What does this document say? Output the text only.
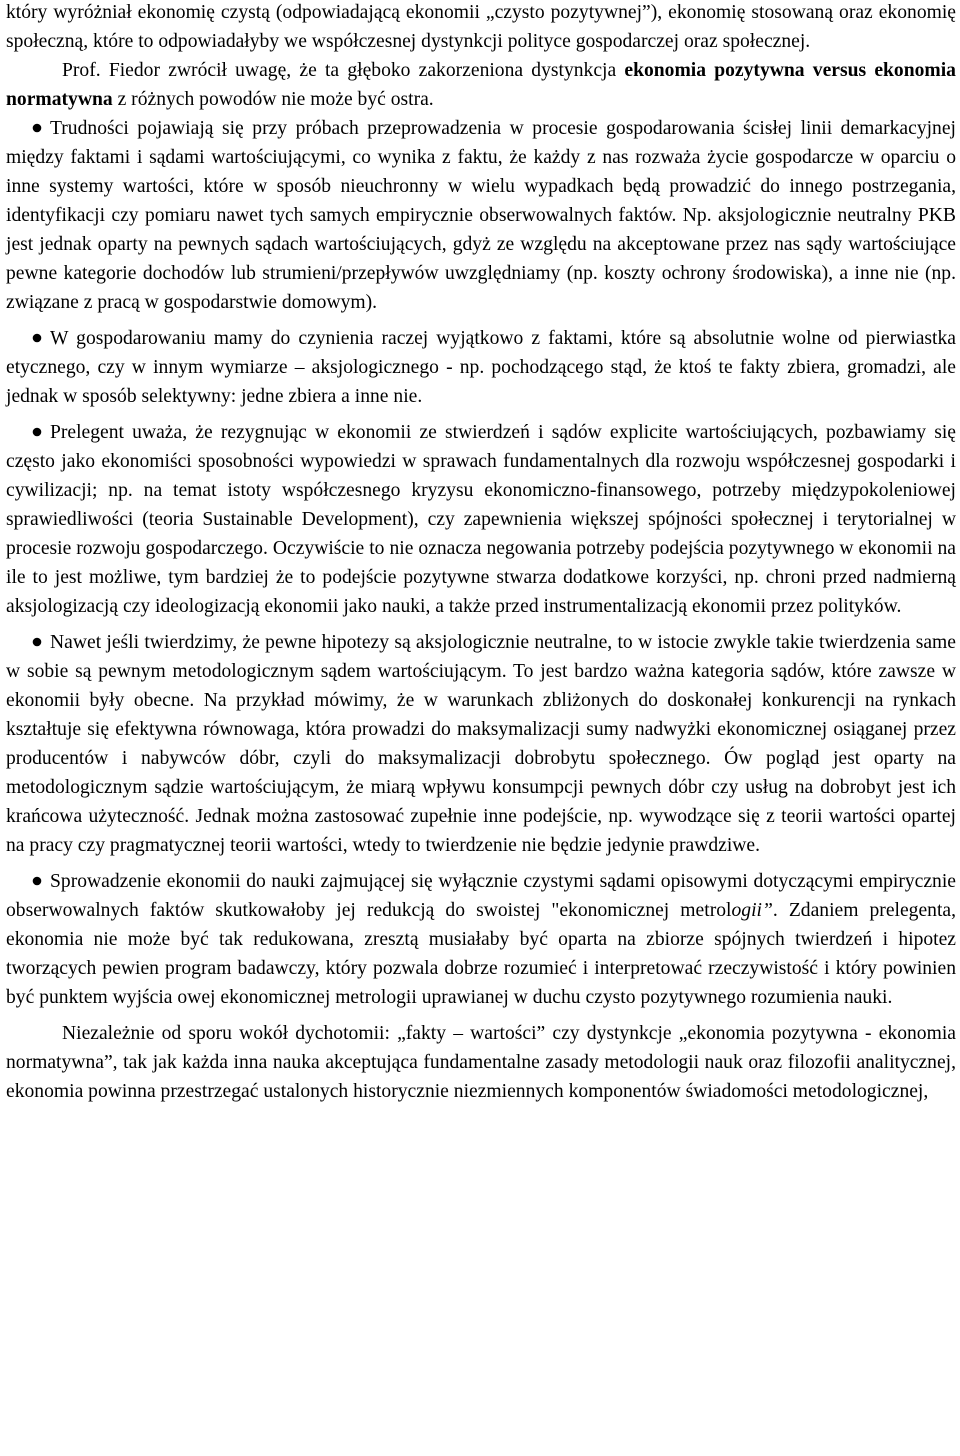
który wyróżniał ekonomię czystą (odpowiadającą ekonomii „czysto pozytywnej”), ekonomię stosowaną oraz ekonomię społeczną, które to odpowiadałyby we współczesnej dystynkcji polityce gospodarczej oraz społecznej.

Prof. Fiedor zwrócił uwagę, że ta głęboko zakorzeniona dystynkcja ekonomia pozytywna versus ekonomia normatywna z różnych powodów nie może być ostra.

Trudności pojawiają się przy próbach przeprowadzenia w procesie gospodarowania ścisłej linii demarkacyjnej między faktami i sądami wartościującymi, co wynika z faktu, że każdy z nas rozważa życie gospodarcze w oparciu o inne systemy wartości, które w sposób nieuchronny w wielu wypadkach będą prowadzić do innego postrzegania, identyfikacji czy pomiaru nawet tych samych empirycznie obserwowalnych faktów. Np. aksjologicznie neutralny PKB jest jednak oparty na pewnych sądach wartościujących, gdyż ze względu na akceptowane przez nas sądy wartościujące pewne kategorie dochodów lub strumieni/przepływów uwzględniamy (np. koszty ochrony środowiska), a inne nie (np. związane z pracą w gospodarstwie domowym).

W gospodarowaniu mamy do czynienia raczej wyjątkowo z faktami, które są absolutnie wolne od pierwiastka etycznego, czy w innym wymiarze – aksjologicznego - np. pochodzącego stąd, że ktoś te fakty zbiera, gromadzi, ale jednak w sposób selektywny: jedne zbiera a inne nie.

Prelegent uważa, że rezygnując w ekonomii ze stwierdzeń i sądów explicite wartościujących, pozbawiamy się często jako ekonomiści sposobności wypowiedzi w sprawach fundamentalnych dla rozwoju współczesnej gospodarki i cywilizacji; np. na temat istoty współczesnego kryzysu ekonomiczno-finansowego, potrzeby międzypokoleniowej sprawiedliwości (teoria Sustainable Development), czy zapewnienia większej spójności społecznej i terytorialnej w procesie rozwoju gospodarczego. Oczywiście to nie oznacza negowania potrzeby podejścia pozytywnego w ekonomii na ile to jest możliwe, tym bardziej że to podejście pozytywne stwarza dodatkowe korzyści, np. chroni przed nadmierną aksjologizacją czy ideologizacją ekonomii jako nauki, a także przed instrumentalizacją ekonomii przez polityków.

Nawet jeśli twierdzimy, że pewne hipotezy są aksjologicznie neutralne, to w istocie zwykle takie twierdzenia same w sobie są pewnym metodologicznym sądem wartościującym. To jest bardzo ważna kategoria sądów, które zawsze w ekonomii były obecne. Na przykład mówimy, że w warunkach zbliżonych do doskonałej konkurencji na rynkach kształtuje się efektywna równowaga, która prowadzi do maksymalizacji sumy nadwyżki ekonomicznej osiąganej przez producentów i nabywców dóbr, czyli do maksymalizacji dobrobytu społecznego. Ów pogląd jest oparty na metodologicznym sądzie wartościującym, że miarą wpływu konsumpcji pewnych dóbr czy usług na dobrobyt jest ich krańcowa użyteczność. Jednak można zastosować zupełnie inne podejście, np. wywodzące się z teorii wartości opartej na pracy czy pragmatycznej teorii wartości, wtedy to twierdzenie nie będzie jedynie prawdziwe.

Sprowadzenie ekonomii do nauki zajmującej się wyłącznie czystymi sądami opisowymi dotyczącymi empirycznie obserwowalnych faktów skutkowałoby jej redukcją do swoistej "ekonomicznej metrologii”. Zdaniem prelegenta, ekonomia nie może być tak redukowana, zresztą musiałaby być oparta na zbiorze spójnych twierdzeń i hipotez tworzących pewien program badawczy, który pozwala dobrze rozumieć i interpretować rzeczywistość i który powinien być punktem wyjścia owej ekonomicznej metrologii uprawianej w duchu czysto pozytywnego rozumienia nauki.

Niezależnie od sporu wokół dychotomii: „fakty – wartości” czy dystynkcje „ekonomia pozytywna - ekonomia normatywna”, tak jak każda inna nauka akceptująca fundamentalne zasady metodologii nauk oraz filozofii analitycznej, ekonomia powinna przestrzegać ustalonych historycznie niezmiennych komponentów świadomości metodologicznej,
